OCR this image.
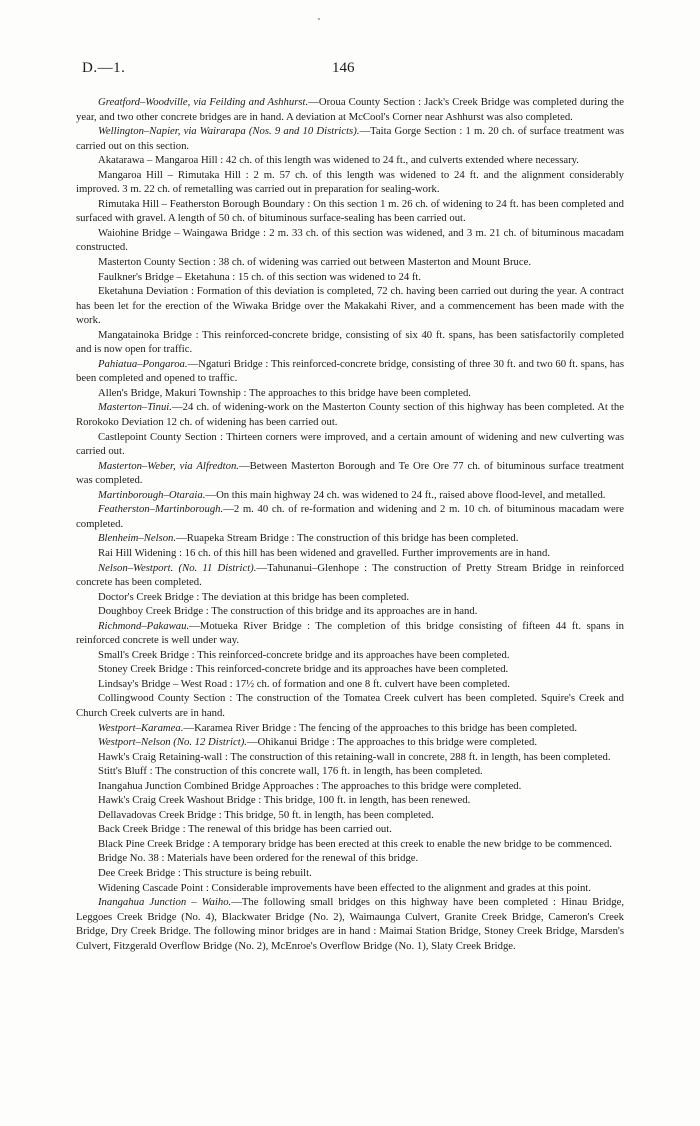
D.—1.	146

Greatford–Woodville, via Feilding and Ashhurst.—Oroua County Section : Jack's Creek Bridge was completed during the year, and two other concrete bridges are in hand. A deviation at McCool's Corner near Ashhurst was also completed.

Wellington–Napier, via Wairarapa (Nos. 9 and 10 Districts).—Taita Gorge Section : 1 m. 20 ch. of surface treatment was carried out on this section.

Akatarawa – Mangaroa Hill : 42 ch. of this length was widened to 24 ft., and culverts extended where necessary.

Mangaroa Hill – Rimutaka Hill : 2 m. 57 ch. of this length was widened to 24 ft. and the alignment considerably improved. 3 m. 22 ch. of remetalling was carried out in preparation for sealing-work.

Rimutaka Hill – Featherston Borough Boundary : On this section 1 m. 26 ch. of widening to 24 ft. has been completed and surfaced with gravel. A length of 50 ch. of bituminous surface-sealing has been carried out.

Waiohine Bridge – Waingawa Bridge : 2 m. 33 ch. of this section was widened, and 3 m. 21 ch. of bituminous macadam constructed.

Masterton County Section : 38 ch. of widening was carried out between Masterton and Mount Bruce.

Faulkner's Bridge – Eketahuna : 15 ch. of this section was widened to 24 ft.

Eketahuna Deviation : Formation of this deviation is completed, 72 ch. having been carried out during the year. A contract has been let for the erection of the Wiwaka Bridge over the Makakahi River, and a commencement has been made with the work.

Mangatainoka Bridge : This reinforced-concrete bridge, consisting of six 40 ft. spans, has been satisfactorily completed and is now open for traffic.

Pahiatua–Pongaroa.—Ngaturi Bridge : This reinforced-concrete bridge, consisting of three 30 ft. and two 60 ft. spans, has been completed and opened to traffic.

Allen's Bridge, Makuri Township : The approaches to this bridge have been completed.

Masterton–Tinui.—24 ch. of widening-work on the Masterton County section of this highway has been completed. At the Rorokoko Deviation 12 ch. of widening has been carried out.

Castlepoint County Section : Thirteen corners were improved, and a certain amount of widening and new culverting was carried out.

Masterton–Weber, via Alfredton.—Between Masterton Borough and Te Ore Ore 77 ch. of bituminous surface treatment was completed.

Martinborough–Otaraia.—On this main highway 24 ch. was widened to 24 ft., raised above flood-level, and metalled.

Featherston–Martinborough.—2 m. 40 ch. of re-formation and widening and 2 m. 10 ch. of bituminous macadam were completed.

Blenheim–Nelson.—Ruapeka Stream Bridge : The construction of this bridge has been completed.

Rai Hill Widening : 16 ch. of this hill has been widened and gravelled. Further improvements are in hand.

Nelson–Westport. (No. 11 District).—Tahunanui–Glenhope : The construction of Pretty Stream Bridge in reinforced concrete has been completed.

Doctor's Creek Bridge : The deviation at this bridge has been completed.

Doughboy Creek Bridge : The construction of this bridge and its approaches are in hand.

Richmond–Pakawau.—Motueka River Bridge : The completion of this bridge consisting of fifteen 44 ft. spans in reinforced concrete is well under way.

Small's Creek Bridge : This reinforced-concrete bridge and its approaches have been completed.

Stoney Creek Bridge : This reinforced-concrete bridge and its approaches have been completed.

Lindsay's Bridge – West Road : 17½ ch. of formation and one 8 ft. culvert have been completed.

Collingwood County Section : The construction of the Tomatea Creek culvert has been completed. Squire's Creek and Church Creek culverts are in hand.

Westport–Karamea.—Karamea River Bridge : The fencing of the approaches to this bridge has been completed.

Westport–Nelson (No. 12 District).—Ohikanui Bridge : The approaches to this bridge were completed.

Hawk's Craig Retaining-wall : The construction of this retaining-wall in concrete, 288 ft. in length, has been completed.

Stitt's Bluff : The construction of this concrete wall, 176 ft. in length, has been completed.

Inangahua Junction Combined Bridge Approaches : The approaches to this bridge were completed.

Hawk's Craig Creek Washout Bridge : This bridge, 100 ft. in length, has been renewed.

Dellavadovas Creek Bridge : This bridge, 50 ft. in length, has been completed.

Back Creek Bridge : The renewal of this bridge has been carried out.

Black Pine Creek Bridge : A temporary bridge has been erected at this creek to enable the new bridge to be commenced.

Bridge No. 38 : Materials have been ordered for the renewal of this bridge.

Dee Creek Bridge : This structure is being rebuilt.

Widening Cascade Point : Considerable improvements have been effected to the alignment and grades at this point.

Inangahua Junction – Waiho.—The following small bridges on this highway have been completed : Hinau Bridge, Leggoes Creek Bridge (No. 4), Blackwater Bridge (No. 2), Waimaunga Culvert, Granite Creek Bridge, Cameron's Creek Bridge, Dry Creek Bridge. The following minor bridges are in hand : Maimai Station Bridge, Stoney Creek Bridge, Marsden's Culvert, Fitzgerald Overflow Bridge (No. 2), McEnroe's Overflow Bridge (No. 1), Slaty Creek Bridge.
